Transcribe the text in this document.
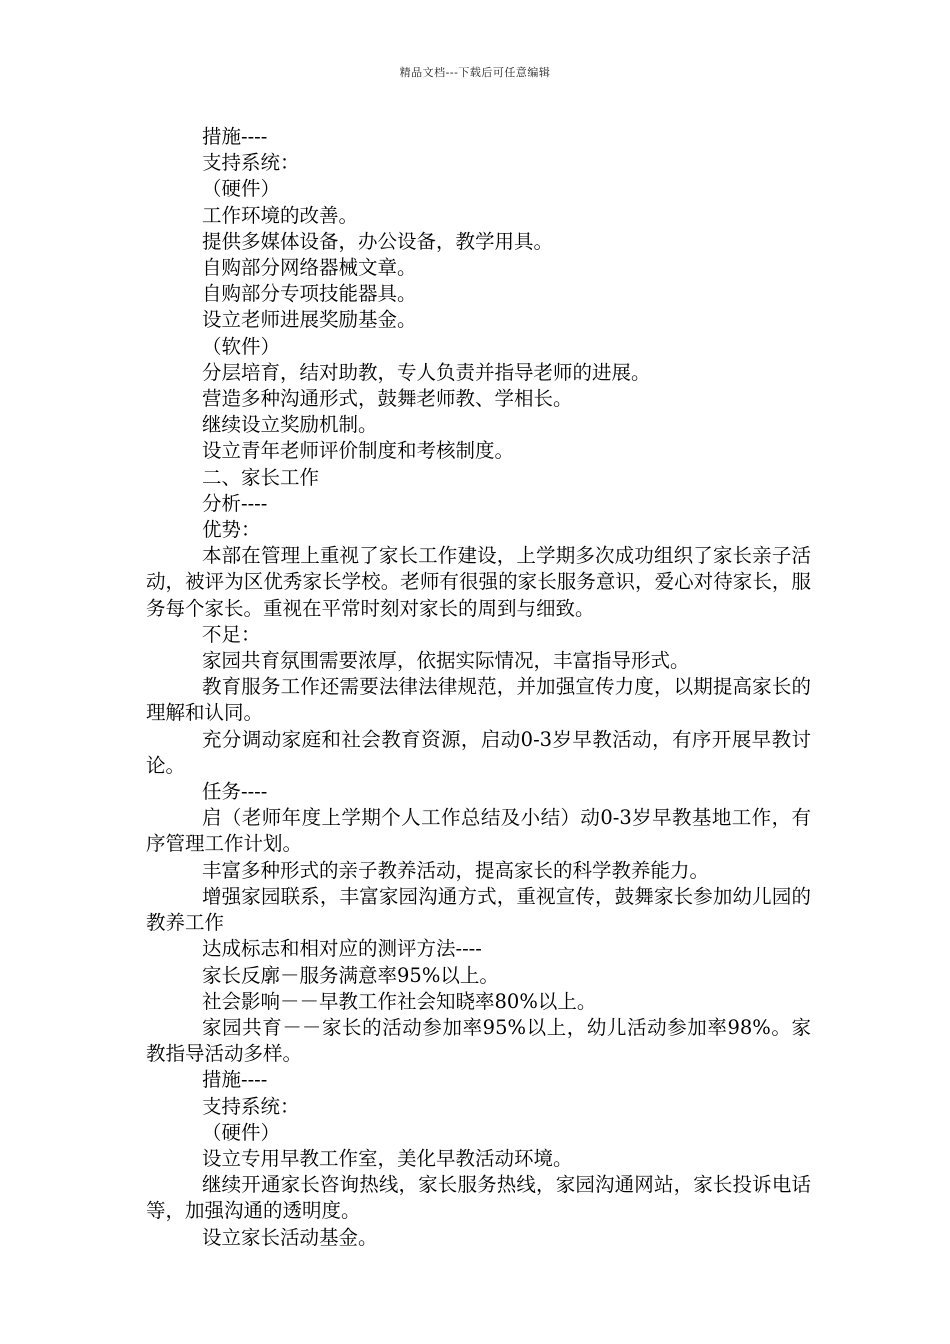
精品文档---下载后可任意编辑

措施----

支持系统：

（硬件）

工作环境的改善。

提供多媒体设备，办公设备，教学用具。

自购部分网络器械文章。

自购部分专项技能器具。

设立老师进展奖励基金。

（软件）

分层培育，结对助教，专人负责并指导老师的进展。

营造多种沟通形式，鼓舞老师教、学相长。

继续设立奖励机制。

设立青年老师评价制度和考核制度。

二、家长工作

分析----

优势：

本部在管理上重视了家长工作建设，上学期多次成功组织了家长亲子活动，被评为区优秀家长学校。老师有很强的家长服务意识，爱心对待家长，服务每个家长。重视在平常时刻对家长的周到与细致。

不足：

家园共育氛围需要浓厚，依据实际情况，丰富指导形式。

教育服务工作还需要法律法律规范，并加强宣传力度，以期提高家长的理解和认同。

充分调动家庭和社会教育资源，启动0-3岁早教活动，有序开展早教讨论。

任务----

启（老师年度上学期个人工作总结及小结）动0-3岁早教基地工作，有序管理工作计划。

丰富多种形式的亲子教养活动，提高家长的科学教养能力。

增强家园联系，丰富家园沟通方式，重视宣传，鼓舞家长参加幼儿园的教养工作

达成标志和相对应的测评方法----

家长反廓－服务满意率95%以上。

社会影响－－早教工作社会知晓率80%以上。

家园共育－－家长的活动参加率95%以上，幼儿活动参加率98%。家教指导活动多样。

措施----

支持系统：

（硬件）

设立专用早教工作室，美化早教活动环境。

继续开通家长咨询热线，家长服务热线，家园沟通网站，家长投诉电话等，加强沟通的透明度。

设立家长活动基金。
